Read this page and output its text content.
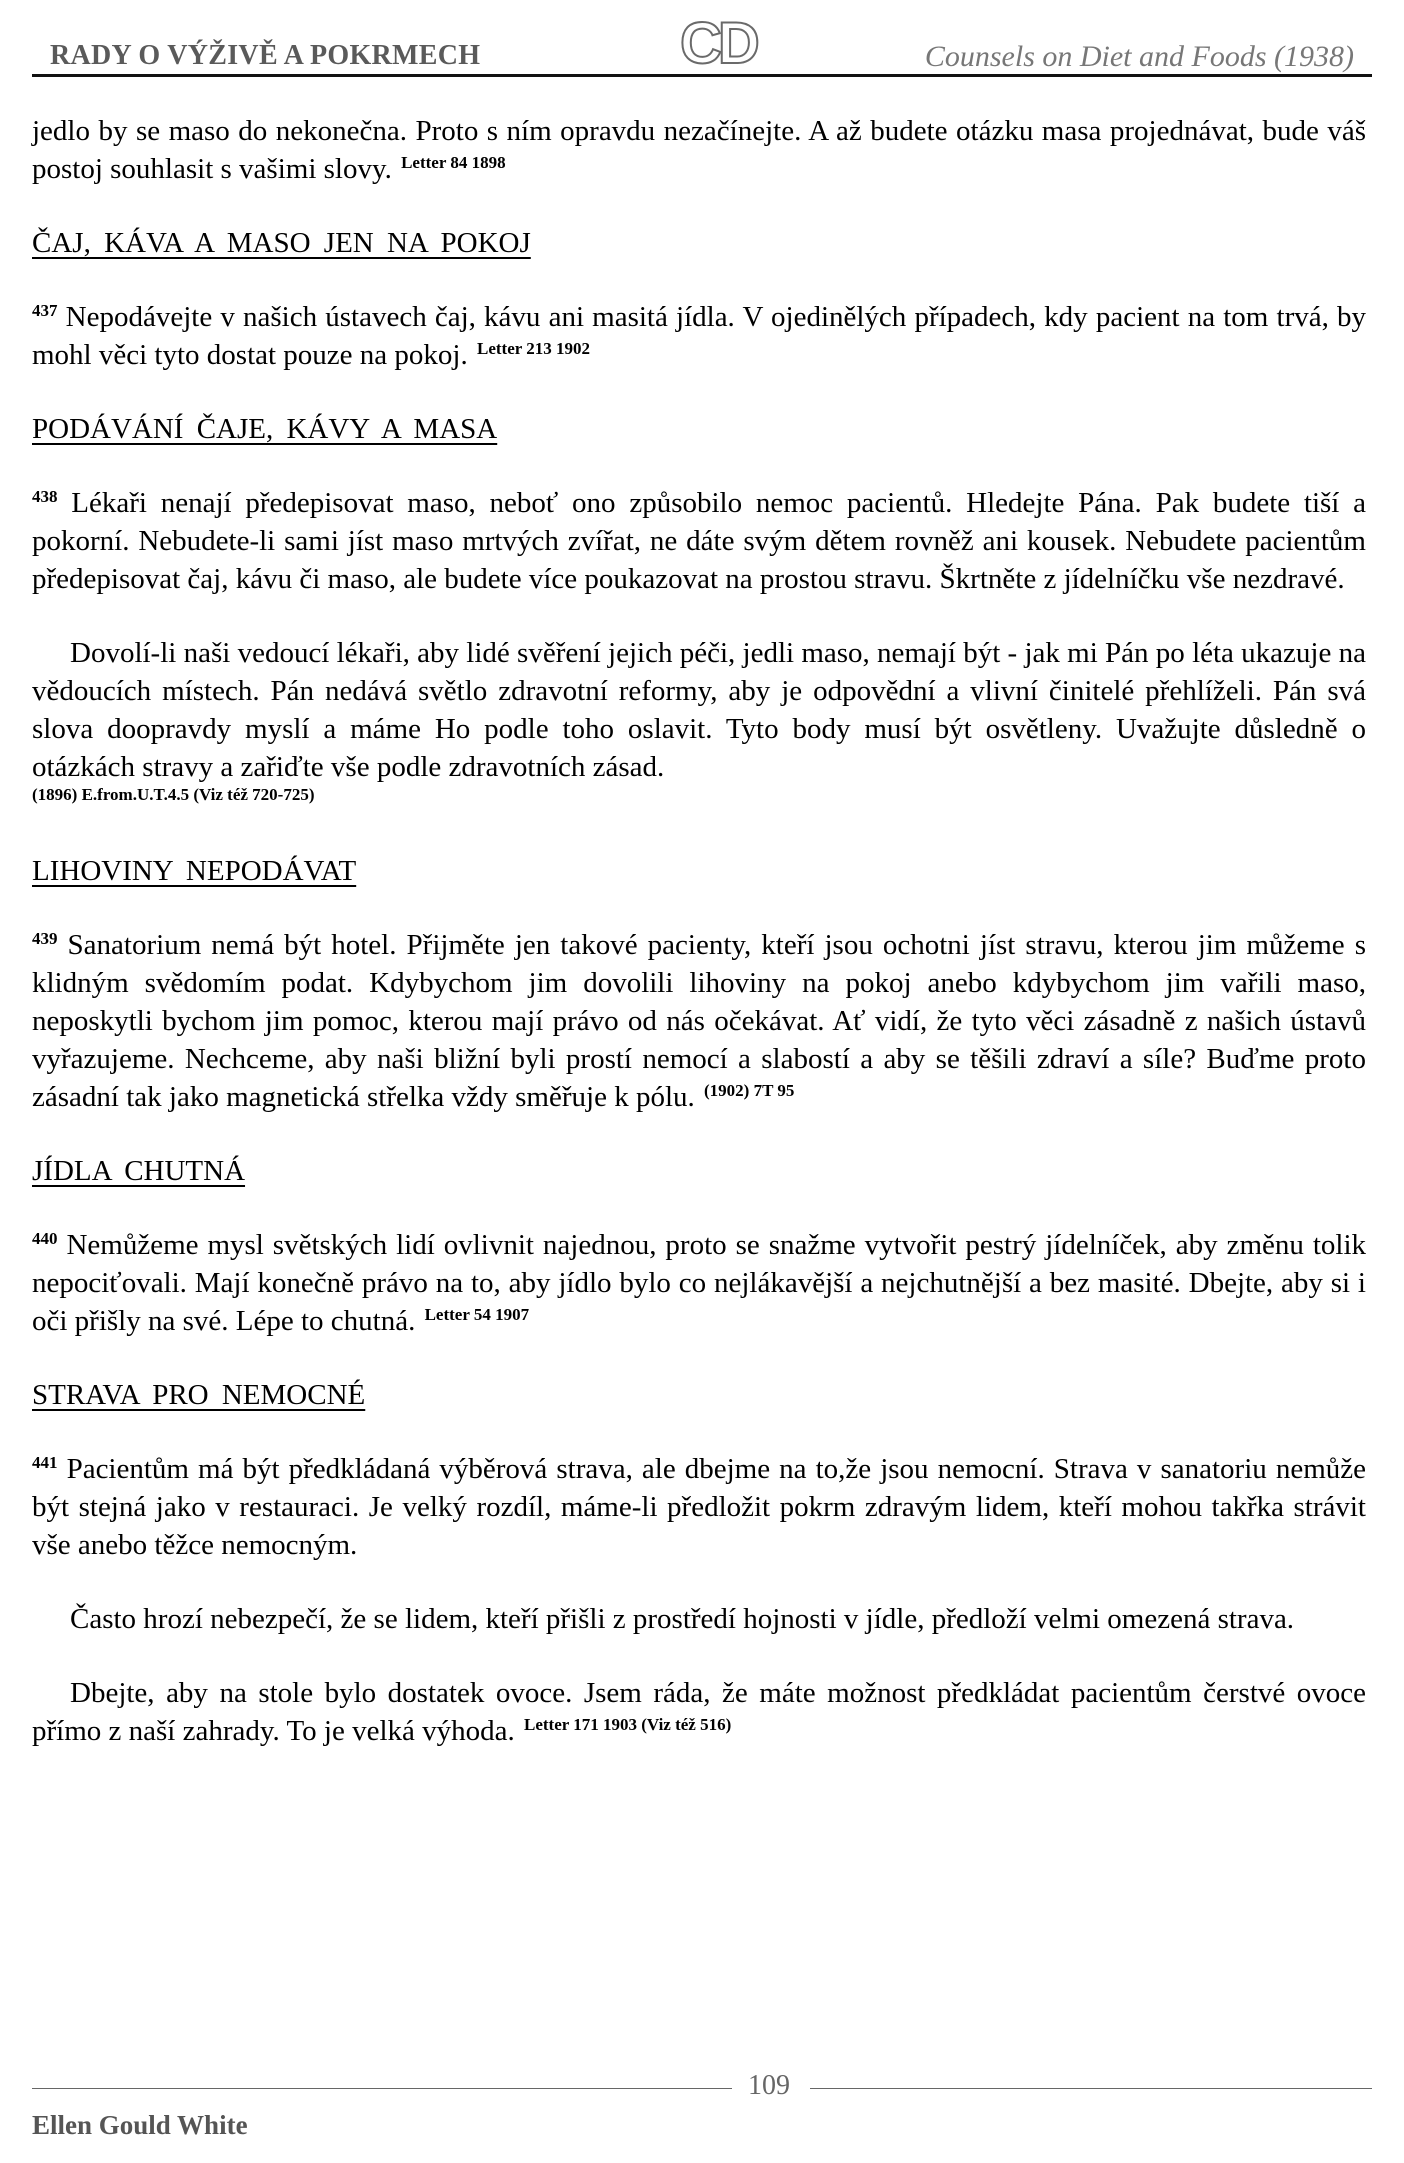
RADY O VÝŽIVĚ A POKRMECH	CD	Counsels on Diet and Foods (1938)

jedlo by se maso do nekonečna. Proto s ním opravdu nezačínejte. A až budete otázku masa projednávat, bude váš postoj souhlasit s vašimi slovy. $^{Letter 84 1898}$

ČAJ, KÁVA A MASO JEN NA POKOJ

$^{437}$ Nepodávejte v našich ústavech čaj, kávu ani masitá jídla. V ojedinělých případech, kdy pacient na tom trvá, by mohl věci tyto dostat pouze na pokoj. $^{Letter 213 1902}$

PODÁVÁNÍ ČAJE, KÁVY A MASA

$^{438}$ Lékaři nenají předepisovat maso, neboť ono způsobilo nemoc pacientů. Hledejte Pána. Pak budete tiší a pokorní. Nebudete-li sami jíst maso mrtvých zvířat, ne dáte svým dětem rovněž ani kousek. Nebudete pacientům předepisovat čaj, kávu či maso, ale budete více poukazovat na prostou stravu. Škrtněte z jídelníčku vše nezdravé.

Dovolí-li naši vedoucí lékaři, aby lidé svěření jejich péči, jedli maso, nemají být - jak mi Pán po léta ukazuje na vědoucích místech. Pán nedává světlo zdravotní reformy, aby je odpovědní a vlivní činitelé přehlíželi. Pán svá slova doopravdy myslí a máme Ho podle toho oslavit. Tyto body musí být osvětleny. Uvažujte důsledně o otázkách stravy a zařiďte vše podle zdravotních zásad.

(1896) E.from.U.T.4.5 (Viz též 720-725)
LIHOVINY NEPODÁVAT

$^{439}$ Sanatorium nemá být hotel. Přijměte jen takové pacienty, kteří jsou ochotni jíst stravu, kterou jim můžeme s klidným svědomím podat. Kdybychom jim dovolili lihoviny na pokoj anebo kdybychom jim vařili maso, neposkytli bychom jim pomoc, kterou mají právo od nás očekávat. Ať vidí, že tyto věci zásadně z našich ústavů vyřazujeme. Nechceme, aby naši bližní byli prostí nemocí a slabostí a aby se těšili zdraví a síle? Buďme proto zásadní tak jako magnetická střelka vždy směřuje k pólu. $^{(1902) 7T 95}$

JÍDLA CHUTNÁ

$^{440}$ Nemůžeme mysl světských lidí ovlivnit najednou, proto se snažme vytvořit pestrý jídelníček, aby změnu tolik nepociťovali. Mají konečně právo na to, aby jídlo bylo co nejlákavější a nejchutnější a bez masité. Dbejte, aby si i oči přišly na své. Lépe to chutná. $^{Letter 54 1907}$

STRAVA PRO NEMOCNÉ

$^{441}$ Pacientům má být předkládaná výběrová strava, ale dbejme na to,že jsou nemocní. Strava v sanatoriu nemůže být stejná jako v restauraci. Je velký rozdíl, máme-li předložit pokrm zdravým lidem, kteří mohou takřka strávit vše anebo těžce nemocným.

Často hrozí nebezpečí, že se lidem, kteří přišli z prostředí hojnosti v jídle, předloží velmi omezená strava.

Dbejte, aby na stole bylo dostatek ovoce. Jsem ráda, že máte možnost předkládat pacientům čerstvé ovoce přímo z naší zahrady. To je velká výhoda. $^{Letter 171 1903 (Viz též 516)}$

109
Ellen Gould White
